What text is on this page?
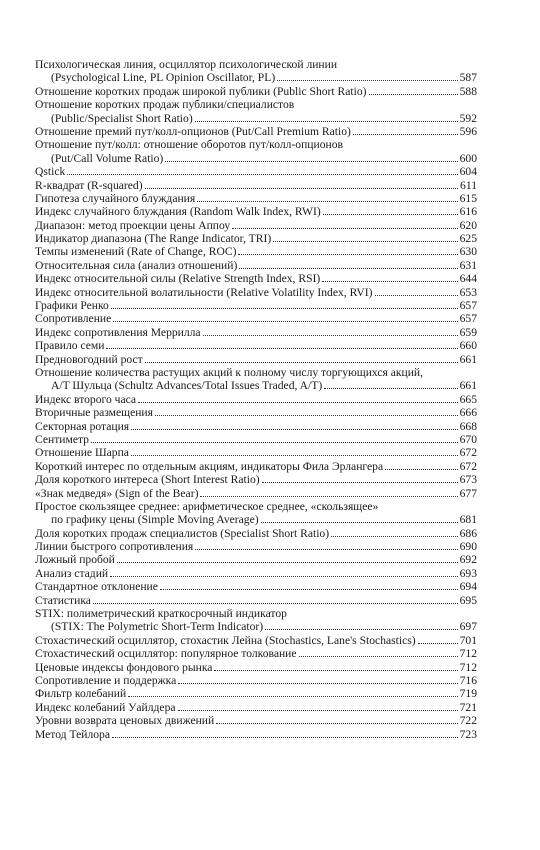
Психологическая линия, осциллятор психологической линии
(Psychological Line, PL Opinion Oscillator, PL)	587
Отношение коротких продаж широкой публики (Public Short Ratio)	588
Отношение коротких продаж публики/специалистов
(Public/Specialist Short Ratio)	592
Отношение премий пут/колл-опционов (Put/Call Premium Ratio)	596
Отношение пут/колл: отношение оборотов пут/колл-опционов
(Put/Call Volume Ratio)	600
Qstick	604
R-квадрат (R-squared)	611
Гипотеза случайного блуждания	615
Индекс случайного блуждания (Random Walk Index, RWI)	616
Диапазон: метод проекции цены Аппоу	620
Индикатор диапазона (The Range Indicator, TRI)	625
Темпы изменений (Rate of Change, ROC)	630
Относительная сила (анализ отношений)	631
Индекс относительной силы (Relative Strength Index, RSI)	644
Индекс относительной волатильности (Relative Volatility Index, RVI)	653
Графики Ренко	657
Сопротивление	657
Индекс сопротивления Меррилла	659
Правило семи	660
Предновогодний рост	661
Отношение количества растущих акций к полному числу торгующихся акций,
A/T Шульца (Schultz Advances/Total Issues Traded, A/T)	661
Индекс второго часа	665
Вторичные размещения	666
Секторная ротация	668
Сентиметр	670
Отношение Шарпа	672
Короткий интерес по отдельным акциям, индикаторы Фила Эрлангера	672
Доля короткого интереса (Short Interest Ratio)	673
«Знак медведя» (Sign of the Bear)	677
Простое скользящее среднее: арифметическое среднее, «скользящее»
по графику цены (Simple Moving Average)	681
Доля коротких продаж специалистов (Specialist Short Ratio)	686
Линии быстрого сопротивления	690
Ложный пробой	692
Анализ стадий	693
Стандартное отклонение	694
Статистика	695
STIX: полиметрический краткосрочный индикатор
(STIX: The Polymetric Short-Term Indicator)	697
Стохастический осциллятор, стохастик Лейна (Stochastics, Lane's Stochastics)	701
Стохастический осциллятор: популярное толкование	712
Ценовые индексы фондового рынка	712
Сопротивление и поддержка	716
Фильтр колебаний	719
Индекс колебаний Уайлдера	721
Уровни возврата ценовых движений	722
Метод Тейлора	723
